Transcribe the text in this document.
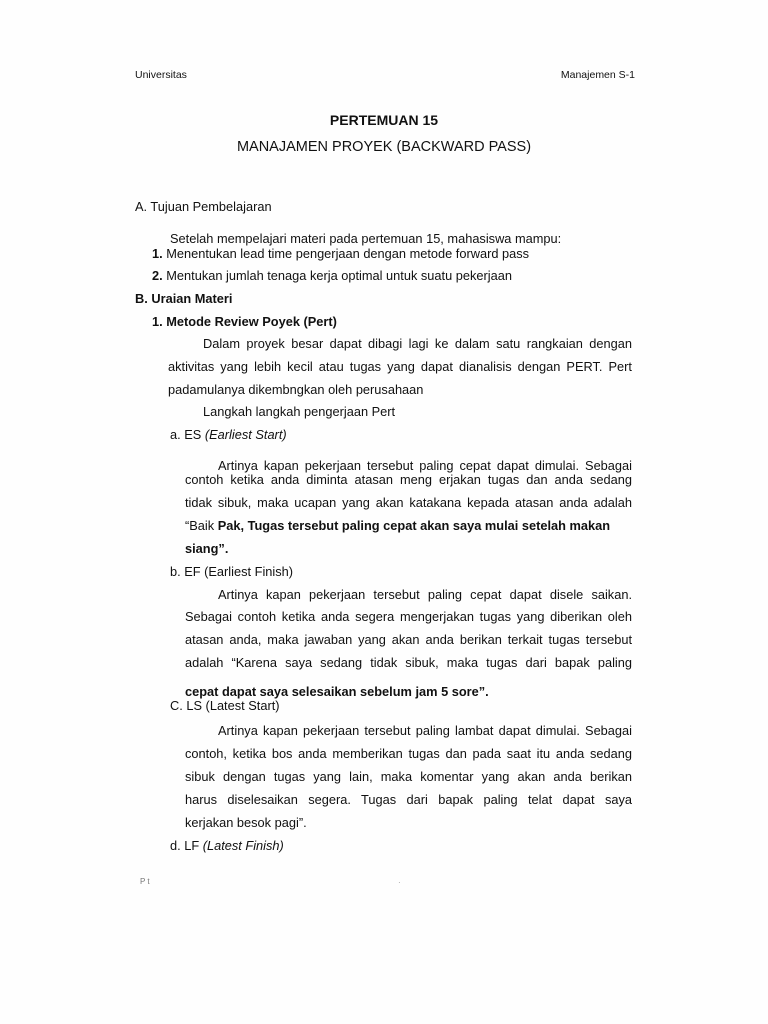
Universitas	Manajemen S-1
PERTEMUAN 15
MANAJAMEN PROYEK (BACKWARD PASS)
A. Tujuan Pembelajaran
Setelah mempelajari materi pada pertemuan 15, mahasiswa mampu:
1. Menentukan lead time pengerjaan dengan metode forward pass
2. Mentukan jumlah tenaga kerja optimal untuk suatu pekerjaan
B. Uraian Materi
1. Metode Review Poyek (Pert)
Dalam proyek besar dapat dibagi lagi ke dalam satu rangkaian dengan
aktivitas yang lebih kecil atau tugas yang dapat dianalisis dengan PERT. Pert
padamulanya dikembngkan oleh perusahaan
Langkah langkah pengerjaan Pert
a. ES (Earliest Start)
Artinya kapan pekerjaan tersebut paling cepat dapat dimulai. Sebagai
contoh ketika anda diminta atasan meng erjakan tugas dan anda sedang
tidak sibuk, maka ucapan yang akan katakana kepada atasan anda adalah
“Baik Pak, Tugas tersebut paling cepat akan saya mulai setelah makan
siang”.
b. EF (Earliest Finish)
Artinya kapan pekerjaan tersebut paling cepat dapat disele saikan.
Sebagai contoh ketika anda segera mengerjakan tugas yang diberikan oleh
atasan anda, maka jawaban yang akan anda berikan terkait tugas tersebut
adalah “Karena saya sedang tidak sibuk, maka tugas dari bapak paling
cepat dapat saya selesaikan sebelum jam 5 sore”.
C. LS (Latest Start)
Artinya kapan pekerjaan tersebut paling lambat dapat dimulai. Sebagai
contoh, ketika bos anda memberikan tugas dan pada saat itu anda sedang
sibuk dengan tugas yang lain, maka komentar yang akan anda berikan
harus diselesaikan segera. Tugas dari bapak paling telat dapat saya
kerjakan besok pagi”.
d. LF (Latest Finish)
P t	·
